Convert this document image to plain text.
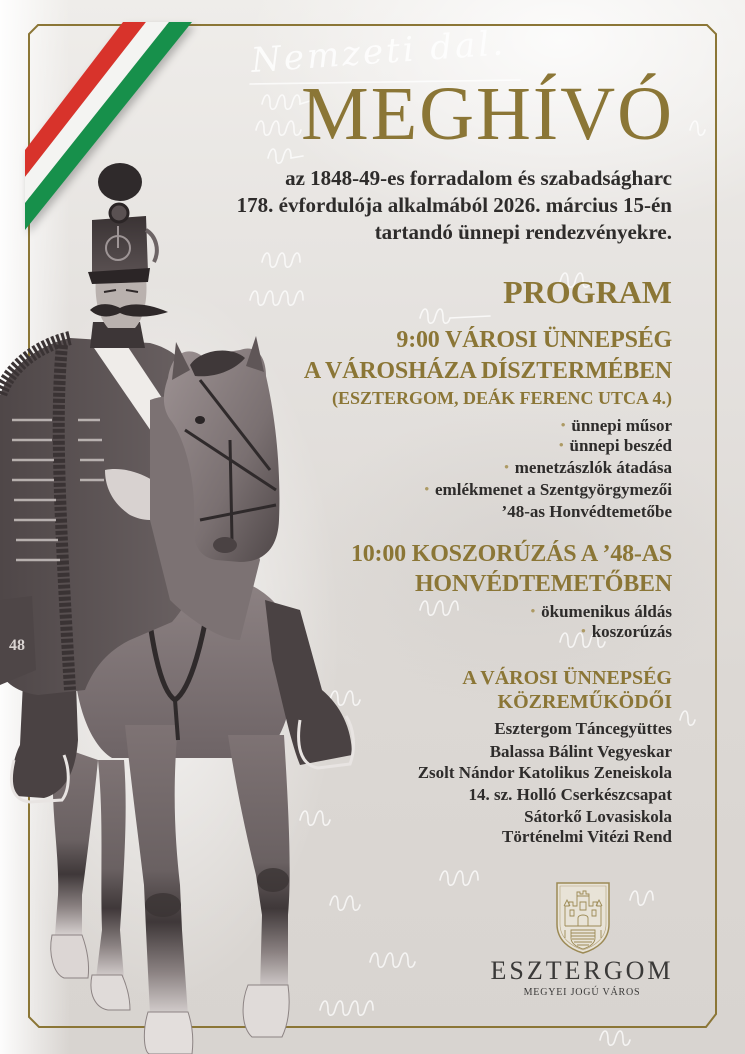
Nemzeti dal.
48
MEGHÍVÓ
az 1848-49-es forradalom és szabadságharc
178. évfordulója alkalmából 2026. március 15-én
tartandó ünnepi rendezvényekre.
PROGRAM
9:00 VÁROSI ÜNNEPSÉG
A VÁROSHÁZA DÍSZTERMÉBEN
(ESZTERGOM, DEÁK FERENC UTCA 4.)
• ünnepi műsor
• ünnepi beszéd
• menetzászlók átadása
• emlékmenet a Szentgyörgymezői
’48-as Honvédtemetőbe
10:00 KOSZORÚZÁS A ’48-AS
HONVÉDTEMETŐBEN
• ökumenikus áldás
• koszorúzás
A VÁROSI ÜNNEPSÉG
KÖZREMŰKÖDŐI
Esztergom Táncegyüttes
Balassa Bálint Vegyeskar
Zsolt Nándor Katolikus Zeneiskola
14. sz. Holló Cserkészcsapat
Sátorkő Lovasiskola
Történelmi Vitézi Rend
ESZTERGOM
MEGYEI JOGÚ VÁROS
